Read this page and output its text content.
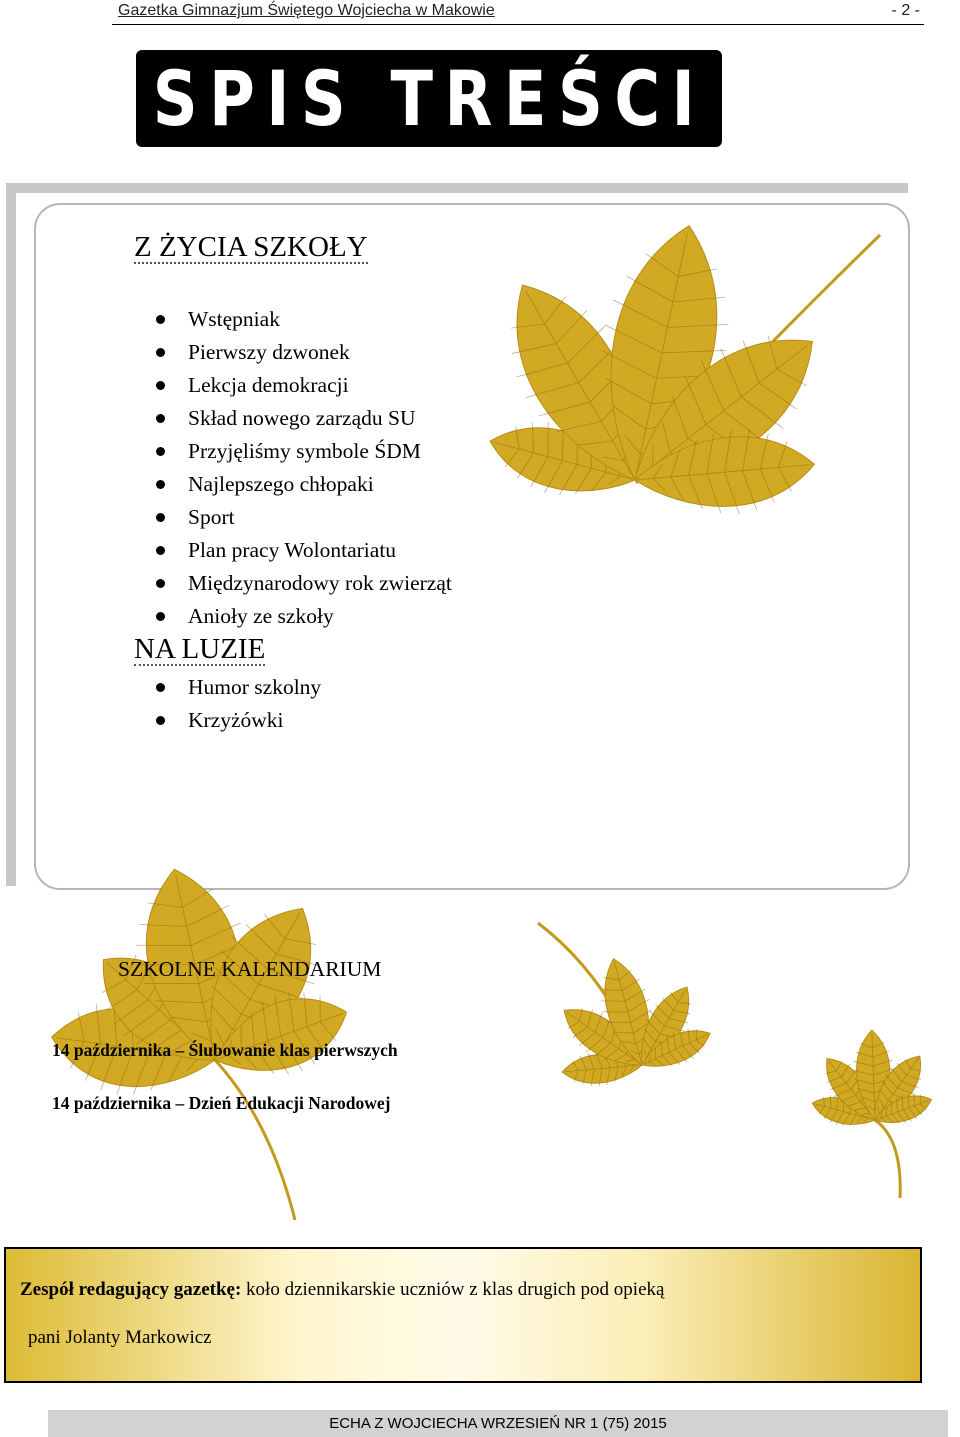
Gazetka Gimnazjum Świętego Wojciecha w Makowie	- 2 -
SPIS TREŚCI
Z ŻYCIA SZKOŁY
Wstępniak
Pierwszy dzwonek
Lekcja demokracji
Skład nowego zarządu SU
Przyjęliśmy symbole ŚDM
Najlepszego chłopaki
Sport
Plan pracy Wolontariatu
Międzynarodowy rok zwierząt
Anioły ze szkoły
NA LUZIE
Humor szkolny
Krzyżówki
SZKOLNE KALENDARIUM
14 października – Ślubowanie klas pierwszych
14 października – Dzień Edukacji Narodowej
Zespół redagujący gazetkę: koło dziennikarskie uczniów z klas drugich pod opieką
pani Jolanty Markowicz
ECHA Z WOJCIECHA WRZESIEŃ NR 1 (75) 2015
